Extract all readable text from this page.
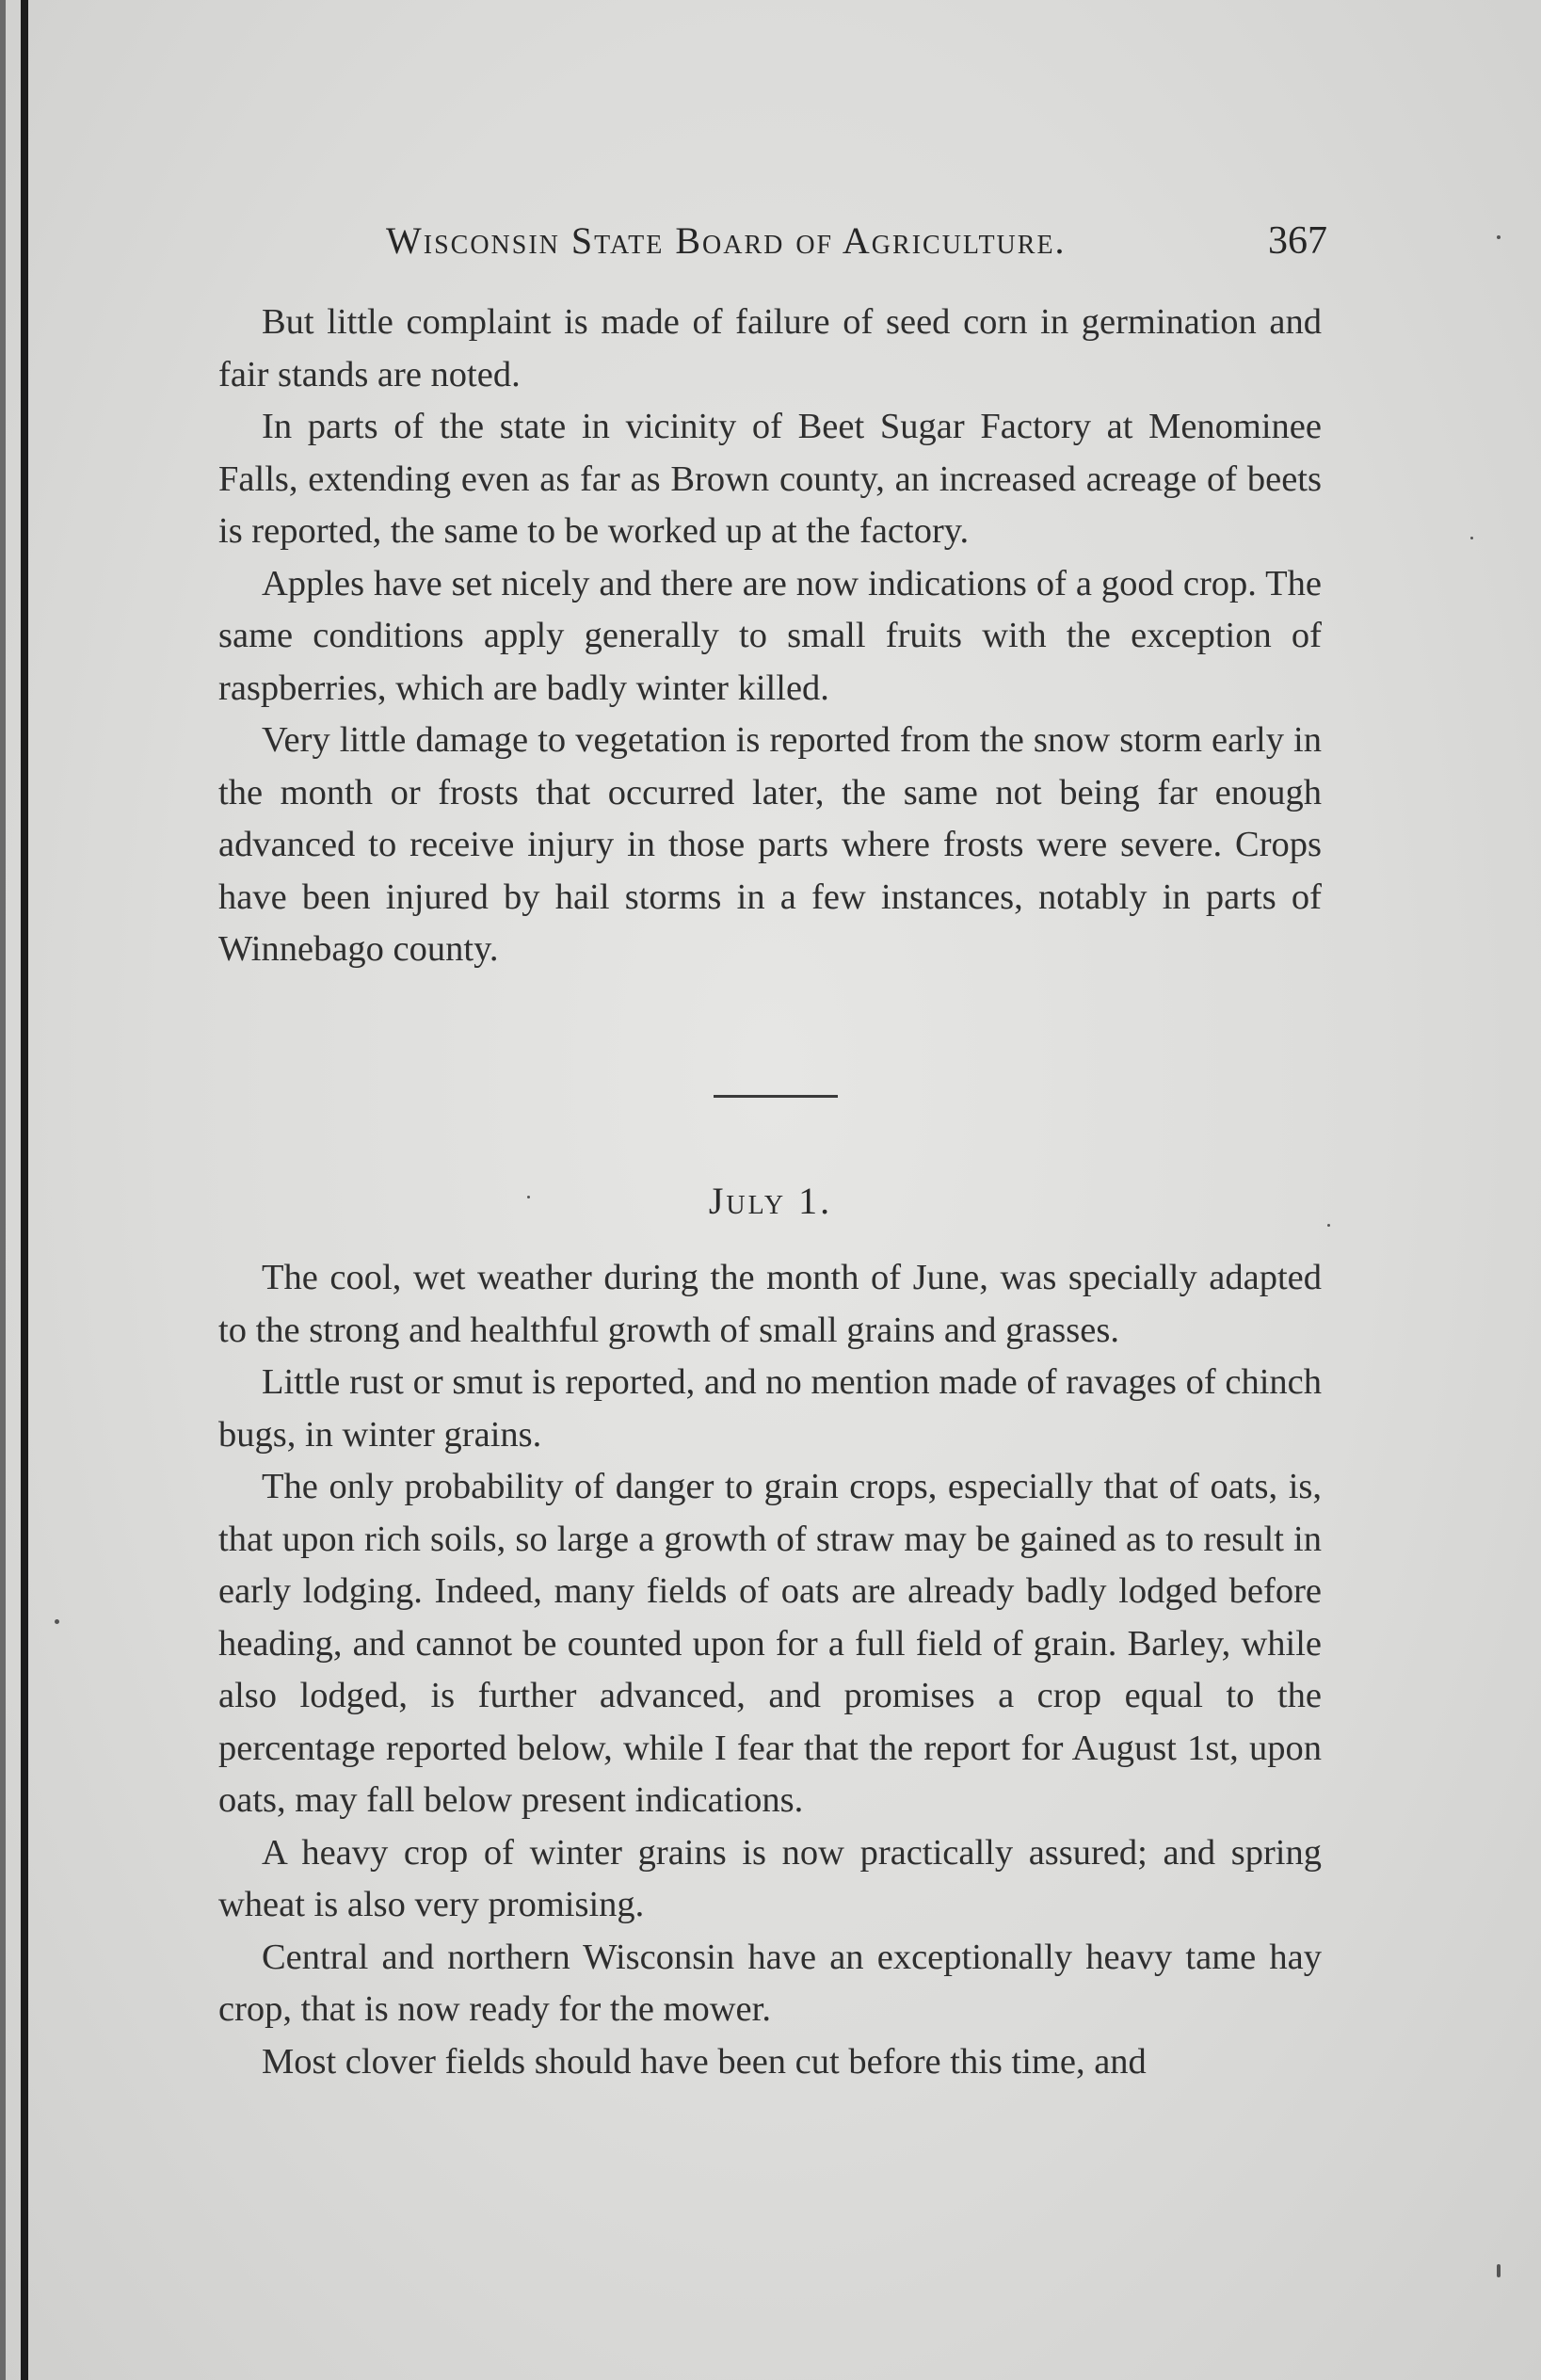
Wisconsin State Board of Agriculture.	367

But little complaint is made of failure of seed corn in germination and fair stands are noted.

In parts of the state in vicinity of Beet Sugar Factory at Menominee Falls, extending even as far as Brown county, an increased acreage of beets is reported, the same to be worked up at the factory.

Apples have set nicely and there are now indications of a good crop. The same conditions apply generally to small fruits with the exception of raspberries, which are badly winter killed.

Very little damage to vegetation is reported from the snow storm early in the month or frosts that occurred later, the same not being far enough advanced to receive injury in those parts where frosts were severe. Crops have been injured by hail storms in a few instances, notably in parts of Winnebago county.

July 1.

The cool, wet weather during the month of June, was specially adapted to the strong and healthful growth of small grains and grasses.

Little rust or smut is reported, and no mention made of ravages of chinch bugs, in winter grains.

The only probability of danger to grain crops, especially that of oats, is, that upon rich soils, so large a growth of straw may be gained as to result in early lodging. Indeed, many fields of oats are already badly lodged before heading, and cannot be counted upon for a full field of grain. Barley, while also lodged, is further advanced, and promises a crop equal to the percentage reported below, while I fear that the report for August 1st, upon oats, may fall below present indications.

A heavy crop of winter grains is now practically assured; and spring wheat is also very promising.

Central and northern Wisconsin have an exceptionally heavy tame hay crop, that is now ready for the mower.

Most clover fields should have been cut before this time, and
